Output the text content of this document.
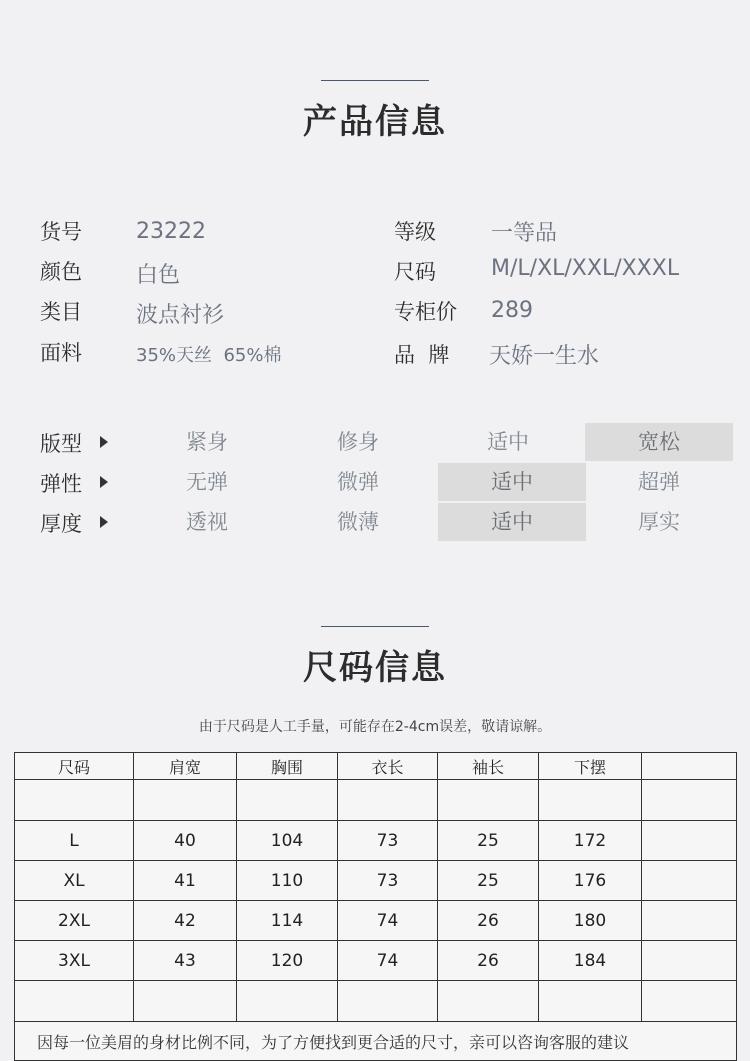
产品信息
货号 23222
颜色 白色
类目 波点衬衫
面料	35%天丝  65%棉
等级	一等品
尺码	M/L/XL/XXL/XXXL
专柜价 289
品  牌 天娇一生水
版型	紧身	修身	适中	宽松
弹性	无弹	微弹	适中	超弹
厚度	透视	微薄	适中	厚实
尺码信息
由于尺码是人工手量，可能存在2-4cm误差，敬请谅解。
尺码	肩宽	胸围	衣长	袖长	下摆	

L	40	104	73	25	172	
XL	41	110	73	25	176	
2XL	42	114	74	26	180	
3XL	43	120	74	26	184	

因每一位美眉的身材比例不同，为了方便找到更合适的尺寸，亲可以咨询客服的建议						
